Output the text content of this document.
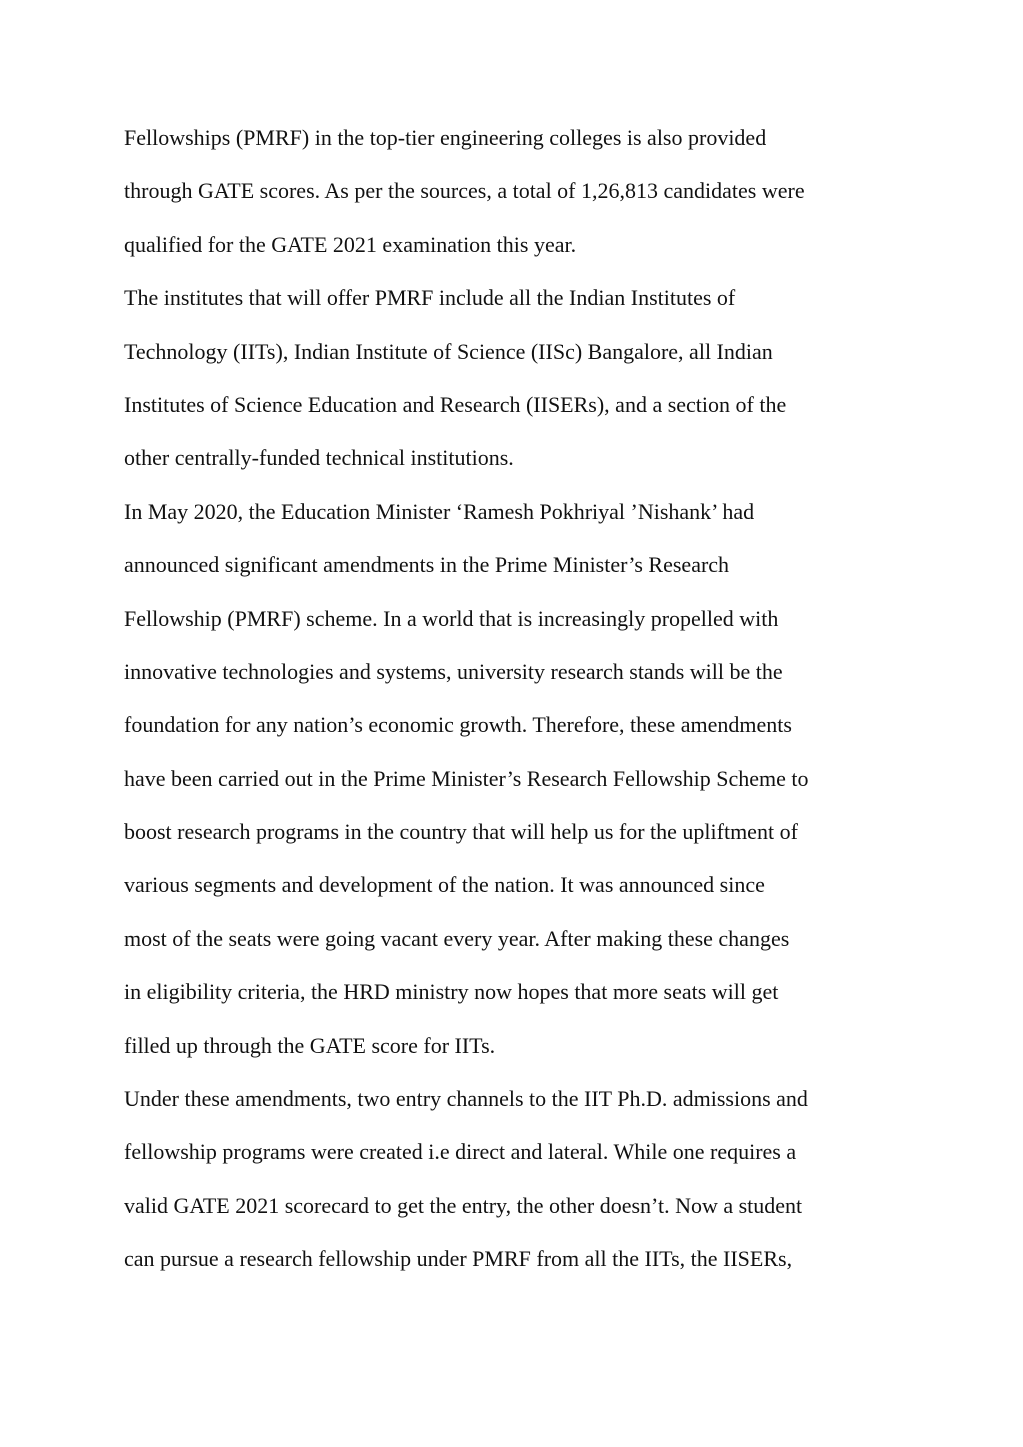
Fellowships (PMRF) in the top-tier engineering colleges is also provided
through GATE scores. As per the sources, a total of 1,26,813 candidates were
qualified for the GATE 2021 examination this year.
The institutes that will offer PMRF include all the Indian Institutes of
Technology (IITs), Indian Institute of Science (IISc) Bangalore, all Indian
Institutes of Science Education and Research (IISERs), and a section of the
other centrally-funded technical institutions.
In May 2020, the Education Minister ‘Ramesh Pokhriyal ’Nishank’ had
announced significant amendments in the Prime Minister’s Research
Fellowship (PMRF) scheme. In a world that is increasingly propelled with
innovative technologies and systems, university research stands will be the
foundation for any nation’s economic growth. Therefore, these amendments
have been carried out in the Prime Minister’s Research Fellowship Scheme to
boost research programs in the country that will help us for the upliftment of
various segments and development of the nation. It was announced since
most of the seats were going vacant every year. After making these changes
in eligibility criteria, the HRD ministry now hopes that more seats will get
filled up through the GATE score for IITs.
Under these amendments, two entry channels to the IIT Ph.D. admissions and
fellowship programs were created i.e direct and lateral. While one requires a
valid GATE 2021 scorecard to get the entry, the other doesn’t. Now a student
can pursue a research fellowship under PMRF from all the IITs, the IISERs,
